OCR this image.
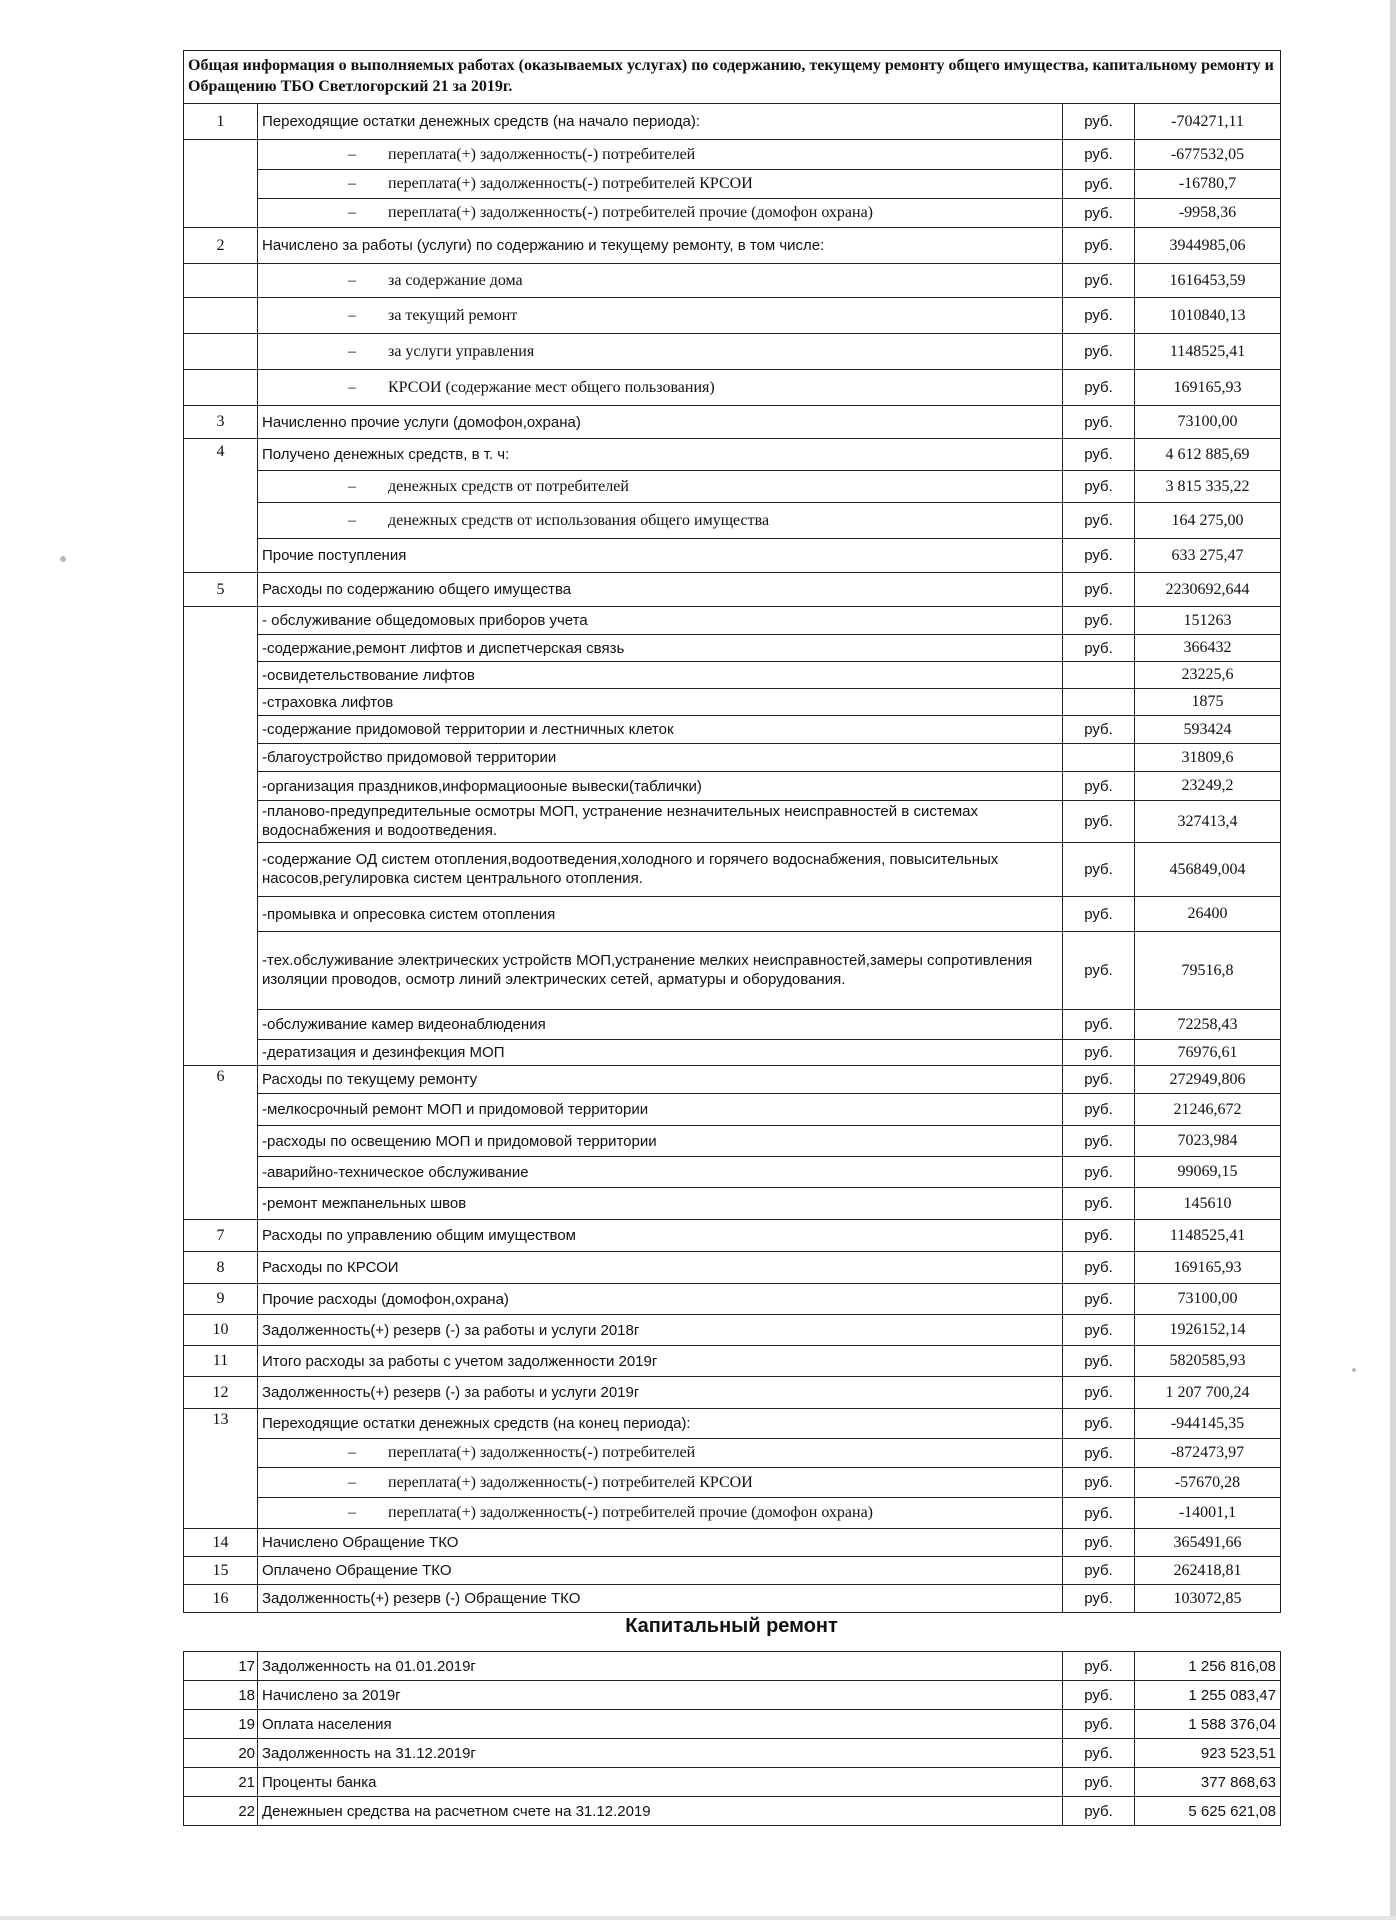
Общая информация о выполняемых работах (оказываемых услугах) по содержанию, текущему ремонту общего имущества, капитальному ремонту и Обращению ТБО Светлогорский 21 за 2019г.			
1	Переходящие остатки денежных средств (на начало периода):	руб.	-704271,11
	– переплата(+) задолженность(-) потребителей	руб.	-677532,05
	– переплата(+) задолженность(-) потребителей КРСОИ	руб.	-16780,7
	– переплата(+) задолженность(-) потребителей прочие (домофон охрана)	руб.	-9958,36
2	Начислено за работы (услуги) по содержанию и текущему ремонту, в том числе:	руб.	3944985,06
	– за содержание дома	руб.	1616453,59
	– за текущий ремонт	руб.	1010840,13
	– за услуги управления	руб.	1148525,41
	– КРСОИ (содержание мест общего пользования)	руб.	169165,93
3	Начисленно прочие услуги (домофон,охрана)	руб.	73100,00
4	Получено денежных средств, в т. ч:	руб.	4 612 885,69
	– денежных средств от потребителей	руб.	3 815 335,22
	– денежных средств от использования общего имущества	руб.	164 275,00
	Прочие поступления	руб.	633 275,47
5	Расходы по содержанию общего имущества	руб.	2230692,644
	- обслуживание общедомовых приборов учета	руб.	151263
	-содержание,ремонт лифтов и диспетчерская связь	руб.	366432
	-освидетельствование лифтов		23225,6
	-страховка лифтов		1875
	-содержание придомовой территории и лестничных клеток	руб.	593424
	-благоустройство придомовой территории		31809,6
	-организация праздников,информациооные вывески(таблички)	руб.	23249,2
	-планово-предупредительные осмотры МОП, устранение незначительных неисправностей в системах водоснабжения и водоотведения.	руб.	327413,4
	-содержание ОД систем отопления,водоотведения,холодного и горячего водоснабжения, повысительных насосов,регулировка систем центрального отопления.	руб.	456849,004
	-промывка и опресовка систем отопления	руб.	26400
	-тех.обслуживание электрических устройств МОП,устранение мелких неисправностей,замеры сопротивления изоляции проводов, осмотр линий электрических сетей, арматуры и оборудования.	руб.	79516,8
	-обслуживание камер видеонаблюдения	руб.	72258,43
	-дератизация и дезинфекция МОП	руб.	76976,61
6	Расходы по текущему ремонту	руб.	272949,806
	-мелкосрочный ремонт МОП и придомовой территории	руб.	21246,672
	-расходы по освещению МОП и придомовой территории	руб.	7023,984
	-аварийно-техническое обслуживание	руб.	99069,15
	-ремонт межпанельных швов	руб.	145610
7	Расходы по управлению общим имуществом	руб.	1148525,41
8	Расходы по КРСОИ	руб.	169165,93
9	Прочие расходы (домофон,охрана)	руб.	73100,00
10	Задолженность(+) резерв (-) за работы и услуги 2018г	руб.	1926152,14
11	Итого расходы за работы с учетом задолженности 2019г	руб.	5820585,93
12	Задолженность(+) резерв (-) за работы и услуги 2019г	руб.	1 207 700,24
13	Переходящие остатки денежных средств (на конец периода):	руб.	-944145,35
	– переплата(+) задолженность(-) потребителей	руб.	-872473,97
	– переплата(+) задолженность(-) потребителей КРСОИ	руб.	-57670,28
	– переплата(+) задолженность(-) потребителей прочие (домофон охрана)	руб.	-14001,1
14	Начислено Обращение ТКО	руб.	365491,66
15	Оплачено Обращение ТКО	руб.	262418,81
16	Задолженность(+) резерв (-) Обращение ТКО	руб.	103072,85
Капитальный ремонт
17	Задолженность на 01.01.2019г	руб.	1 256 816,08
18	Начислено за 2019г	руб.	1 255 083,47
19	Оплата населения	руб.	1 588 376,04
20	Задолженность на 31.12.2019г	руб.	923 523,51
21	Проценты банка	руб.	377 868,63
22	Денежныен средства на расчетном счете на 31.12.2019	руб.	5 625 621,08
